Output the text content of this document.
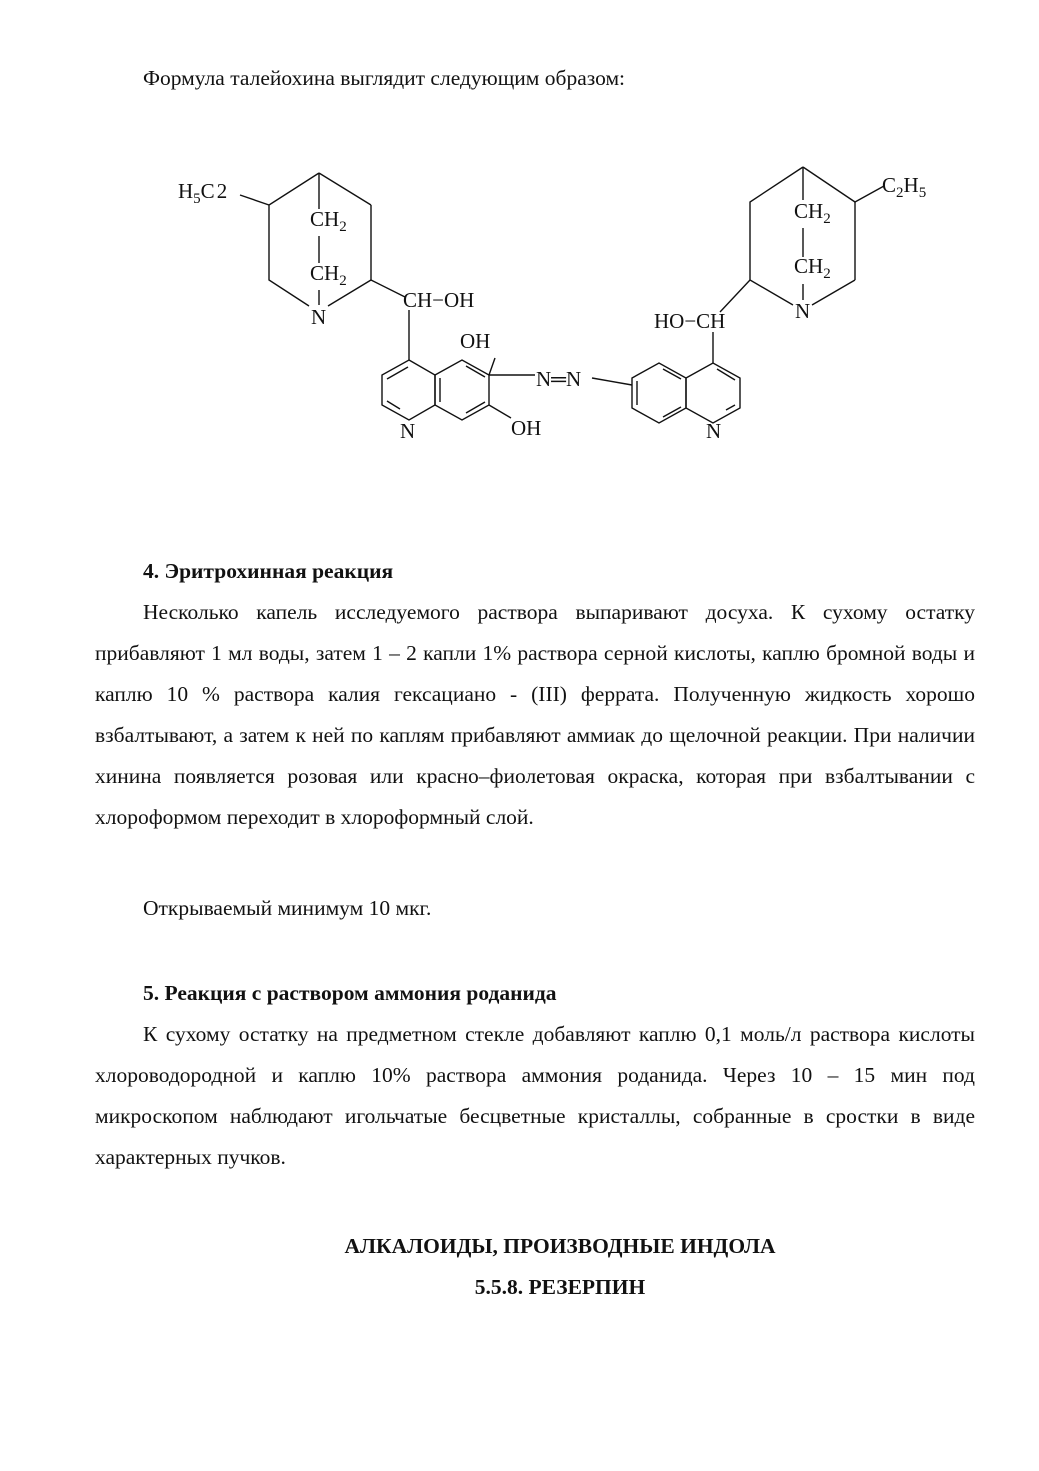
Формула талейохина выглядит следующим образом:

$H_5C2$
$CH_2$
$CH_2$
N
CH−OH
OH
OH
N
N═N
$C_2H_5$
$CH_2$
$CH_2$
N
HO−CH
N

4. Эритрохинная реакция

Несколько капель исследуемого раствора выпаривают досуха. К сухому остатку прибавляют 1 мл воды, затем 1 – 2 капли 1% раствора серной кислоты, каплю бромной воды и каплю 10 % раствора калия гексациано - (III) феррата. Полученную жидкость хорошо взбалтывают, а затем к ней по каплям прибавляют аммиак до щелочной реакции. При наличии хинина появляется розовая или красно–фиолетовая окраска, которая при взбалтывании с хлороформом переходит в хлороформный слой.

Открываемый минимум 10 мкг.

5. Реакция с раствором аммония роданида

К сухому остатку на предметном стекле добавляют каплю 0,1 моль/л раствора кислоты хлороводородной и каплю 10% раствора аммония роданида. Через 10 – 15 мин под микроскопом наблюдают игольчатые бесцветные кристаллы, собранные в сростки в виде характерных пучков.

АЛКАЛОИДЫ, ПРОИЗВОДНЫЕ ИНДОЛА

5.5.8. РЕЗЕРПИН
